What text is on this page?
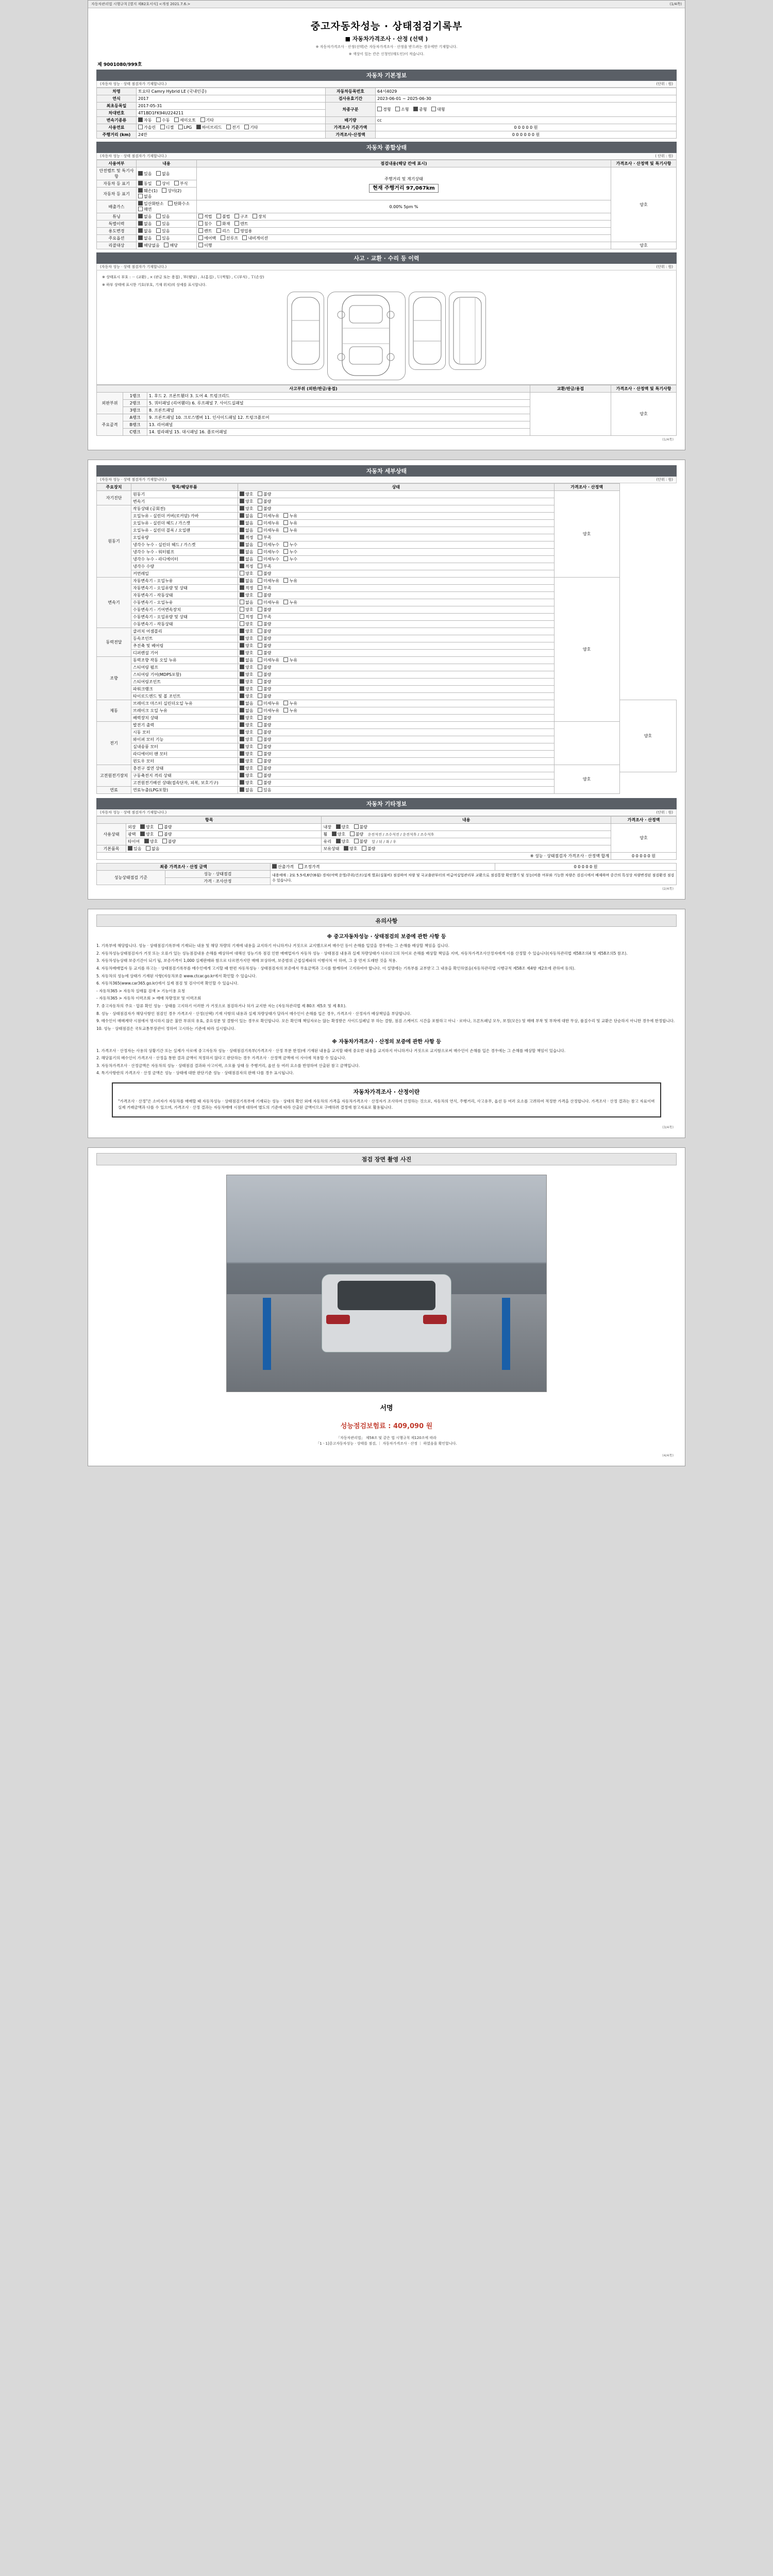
자동차관리법 시행규칙 [별지 제82호서식] <개정 2021.7.6.>	(1/4쪽)
중고자동차성능 · 상태점검기록부
■ 자동차가격조사 · 산정 (선택 )
※ 자동차가격조사 · 산정(선택)은 자동차가격조사 · 산정을 받으려는 경우에만 기재합니다.
※ 색상이 있는 칸은 신청인(매도인)이 적습니다.
제 9001080/999호
자동차 기본정보
(자동차 성능 · 상태 점검자가 기재합니다.)	(단위 : 원)
차명	토요타 Camry Hybrid LE (국내인증)	자동차등록번호	64서4029
연식	2017	검사유효기간	2023-06-01 ~ 2025-06-30
최초등록일	2017-05-31	차종구분	경형 소형 중형 대형
차대번호	4T1BD1FK94U224211		
변속기종류	자동 수동 세미오토 기타	배기량	cc
사용연료	가솔린 디젤 LPG 하이브리드 전기 기타	가격조사 기준가액	0 0 0 0 0 원
주행거리 (km)	24만	가격조사·산정액	0 0 0 0 0 0 원
자동차 종합상태
(자동차 성능 · 상태 점검자가 기재합니다.)	( 단위 : 원)
사용여부	내용	점검내용(해당 칸에 표시)	가격조사 · 산정액 및 특기사항
안전벨트 및 특기사항	있음 없음	주행거리 및 계기상태
현재 주행거리 97,067km	양호
자동차 등 표기	동일 상이 부식		
자동차 등 표기	훼손(1) 상이(2) 없음		
배출가스	일산화탄소 탄화수소 매연	0.00% 5pm %	
튜닝	없음 있음	적법 불법 구조 장치	
특별이력	없음 있음	침수 화재 덴트	
용도변경	없음 있음	렌트 리스 영업용	
주요옵션	없음 있음	에어백 선루프 내비게이션	
리콜대상	해당없음 해당	이행	양호
사고 · 교환 · 수리 등 이력
(자동차 성능 · 상태 점검자가 기재합니다.)	(단위 : 원)
※ 상태표시 부호 : － (교환) , × (판금 또는 용접) , Ｗ(웰딩) , Ａ(흠집) , Ｕ(찍힘) , Ｃ(부식) , Ｔ(손상)
※ 하부 상태에 표시한 기호(부호, 기재 위치)의 상세를 표시합니다.
사고부위 (외판/판금/용접)			교환/판금/용접	가격조사 · 산정액 및 특기사항
외판부위	1랭크	1. 후드 2. 프론트휀더 3. 도어 4. 트렁크리드		양호
	2랭크	5. 쿼터패널 (리어휀더) 6. 루프패널 7. 사이드실패널		
	3랭크	8. 프론트패널		
주요골격	A랭크	9. 프론트패널 10. 크로스멤버 11. 인사이드패널 12. 트렁크플로어		
	B랭크	13. 리어패널		
	C랭크	14. 필라패널 15. 대시패널 16. 플로어패널		
(1/4쪽)
자동차 세부상태
(자동차 성능 · 상태 점검자가 기재합니다.)	(단위 : 원)
주요장치	항목/해당부품	상태	가격조사 · 산정액	
자기진단	원동기	양호 불량	양호	
	변속기	양호 불량		
원동기	작동상태 (공회전)	양호 불량		
	오일누유 - 실린더 커버(로커암) 카바	없음 미세누유 누유		
	오일누유 - 실린더 헤드 / 가스켓	없음 미세누유 누유		
	오일누유 - 실린더 블록 / 오일팬	없음 미세누유 누유		
	오일유량	적정 부족		
	냉각수 누수 - 실린더 헤드 / 가스켓	없음 미세누수 누수		
	냉각수 누수 - 워터펌프	없음 미세누수 누수		
	냉각수 누수 - 라디에이터	없음 미세누수 누수		
	냉각수 수량	적정 부족		
	커먼레일	양호 불량		
변속기	자동변속기 - 오일누유	없음 미세누유 누유	양호	
	자동변속기 - 오일유량 및 상태	적정 부족		
	자동변속기 - 작동상태	양호 불량		
	수동변속기 - 오일누유	없음 미세누유 누유		
	수동변속기 - 기어변속장치	양호 불량		
	수동변속기 - 오일유량 및 상태	적정 부족		
	수동변속기 - 작동상태	양호 불량		
동력전달	클러치 어셈블리	양호 불량		
	등속조인트	양호 불량		
	추진축 및 베어링	양호 불량		
	디퍼렌셜 기어	양호 불량		
조향	동력조향 작동 오일 누유	없음 미세누유 누유		
	스티어링 펌프	양호 불량		
	스티어링 기어(MDPS포함)	양호 불량		
	스티어링조인트	양호 불량		
	파워크랭크	양호 불량		
	타이로드엔드 및 볼 조인트	양호 불량		
제동	브레이크 마스터 실린더오일 누유	없음 미세누유 누유		양호
	브레이크 오일 누유	없음 미세누유 누유		
	배력장치 상태	양호 불량		
전기	발전기 출력	양호 불량		
	시동 모터	양호 불량		
	와이퍼 모터 기능	양호 불량		
	실내송풍 모터	양호 불량		
	라디에이터 팬 모터	양호 불량		
	윈도우 모터	양호 불량		
고전원전기장치	충전구 절연 상태	양호 불량	양호	
	구동축전지 격리 상태	양호 불량		
	고전원전기배선 상태(접속단자, 피복, 보호기구)	양호 불량		
연료	연료누출(LPG포함)	없음 있음		
자동차 기타정보
(자동차 성능 · 상태 점검자가 기재합니다.)	(단위 : 원)
항목		내용	가격조사 · 산정액
사용상태	외장 양호 불량	내장 양호 불량	양호
	광택 양호 불량	휠 양호 불량 운전석전 / 조수석전 / 운전석후 / 조수석후	
	타이어 양호 불량	유리 양호 불량 앞 / 뒤 / 좌 / 우	
기본품목	있음 없음	보유상태 양호 불량	
※ 성능 · 상태점검자 가격조사 · 산정액 합계			0 0 0 0 0 원
최종 가격조사 · 산정 금액		산출가격 조정가격	0 0 0 0 0 원
성능상태점검 기준	성능 · 상태점검	내용예매 : 2또 5.5세,6단(6월) 경차(여액 운영/주위/건조)설계 별표(실물비) 점검하여 차량 및 국교출판부터의 비급여실업관리부 교환으로 점검통할 확인했기 및 성능(비용 여부와 기능한 차량은 검검시에서 배제하며 중간의 특성상 차량변경된 점검환경 점검 수 있습니다.	
	가격 · 조사산정		
(2/4쪽)
유의사항
※ 중고자동차성능 · 상태점검의 보증에 관한 사항 등

1. 기록부에 해당합니다. 성능 · 상태점검기록부에 기재되는 내용 및 해당 차량의 기재에 내용을 교지하기 아니하거나 거짓으로 교지했으로써 매수인 등이 손해를 입었을 경우에는 그 손해를 배상할 책임을 집니다.

2. 자동차성능상태점검자가 거짓 또는 오류가 있는 성능점검내용 손해를 배상하여 대해선 성능기록 점검 인한 매매업자가 자동차 성능 · 상태점검 내용과 실제 차량상태가 다르다고의 차이로 손해를 배상할 책임을 지며, 자동차가격조사산정자에게 이를 산정할 수 있습니다(자동차관리법 제58조의4 및 제58조의5 참조).

3. 자동차성능상태 보증기간이 되기 됩, 보증가격이 1,000 실제판매와 함으로 다르면가지만 매매 보상하며, 보증범위 근접실제파의 이행사처 아 하며, 그 중 먼저 도래한 것을 적용.

4. 자동차매매업자 등 교지를 하고는 · 상태점검기록부를 매수인에게 고지할 때 한편 자동차성능 · 상태점검자의 보증에서 무효금액과 고시를 함께하여 고지하여야 합니다. 이 설명에는 기록부를 교부받고 그 내용을 확인하였음(자동차관리법 시행규칙 제58조 제4항 제2호에 관하여 동의).

5. 자동차의 성능에 상태가 기재된 사항(자동차보증 www.ctcar.go.kr에서 확인할 수 있습니다.

6. 자동차365(www.car365.go.kr)에서 실제 점검 및 검사이력 확인할 수 있습니다.

- 자동차365 > 자동차 실매물 검색 > 기능이용 요청

- 자동차365 > 자동차 이력조회 > 매매 차량정보 및 이력조회

7. 중고자동차의 주요 · 압류 확인 성능 · 상태를 고지하기 이러한 가 거짓으로 점검하거나 허가 교지한 자는 (자동차관리법 제 80조 제5호 및 제 8호).

8. 성능 · 상태점검자가 해당사항인 점검인 경우 가격조사 · 산정(선택) 기재 사항의 내용과 실제 차량상태가 달라서 매수인이 손해를 입은 경우, 가격조사 · 산정자가 배상책임을 부담합니다.

9. 매수인이 매매계약 시점에서 명시하지 않은 불만 부위의 유효, 중요성분 및 결함이 있는 경우로 확인합니다. 모든 확인해 책임자로는 않는 확정받은 사이드실페널 부 하는 결함, 점검 스케어드 시간을 포함하고 아니 · 로마나, 프론트패널 모두, 보정(모든) 및 매매 부착 및 부착에 대한 무상, 품질수리 및 교환은 단순하지 아니한 경우에 한정합니다.

10. 성능 · 상태점검은 국토교통부장관이 정하여 고시하는 기준에 따라 실시합니다.

※ 자동차가격조사 · 산정의 보증에 관한 사항 등

1. 가격조사 · 산정자는 사용의 상황기간 또는 실제가 사로에 중고자동차 성능 · 상태점검기록부(가격조사 · 산정 부분 한정)에 기재된 내용을 교지할 때에 중요한 내용을 교지하지 아니하거나 거짓으로 교지함으로써 매수인이 손해를 입은 경우에는 그 손해를 배상할 책임이 있습니다.

2. 해당물기의 매수인이 가격조사 · 산정을 통한 결과 금액이 적정하지 않다고 판단하는 경우 가격조사 · 산정액 금액에 이 사이에 적용할 수 있습니다.

3. 자동차가격조사 · 산정금액은 자동차의 성능 · 상태점검 결과와 사고이력, 소모품 상태 등 주행거리, 옵션 등 여러 요소를 반영하여 산출된 참고 금액입니다.

4. 특기사항란의 가격조사 · 산정 금액은 성능 · 상태에 대한 판단기준 성능 · 상태점검자의 판매 다를 경우 표시됩니다.

자동차가격조사 · 산정이란

"가격조사 · 산정"은 소비자가 자동차를 매매할 때 자동차성능 · 상태점검기록부에 기재되는 성능 · 상태의 확인 외에 자동차의 가격을 자동차가격조사 · 산정자가 조사하여 산정하는 것으로, 자동차의 연식, 주행거리, 사고유무, 옵션 등 여러 요소를 고려하여 적정한 가격을 산정합니다. 가격조사 · 산정 결과는 참고 자료이며 실제 거래금액과 다를 수 있으며, 가격조사 · 산정 결과는 자동차매매 시점에 대하여 별도의 기준에 따라 산출된 금액이므로 구매하려 결정에 참고자료로 활용됩니다.

(3/4쪽)
점검 장면 촬영 사진
서명
성능점검보험료 : 409,090 원
「자동차관리법」 제58조 및 같은 법 시행규칙 제120조에 따라
「1ㆍ1]중고자동차성능 · 상태를 점검, ｜ 자동차가격조사 · 산정 ｜ 하였음을 확인합니다.
(4/4쪽)
